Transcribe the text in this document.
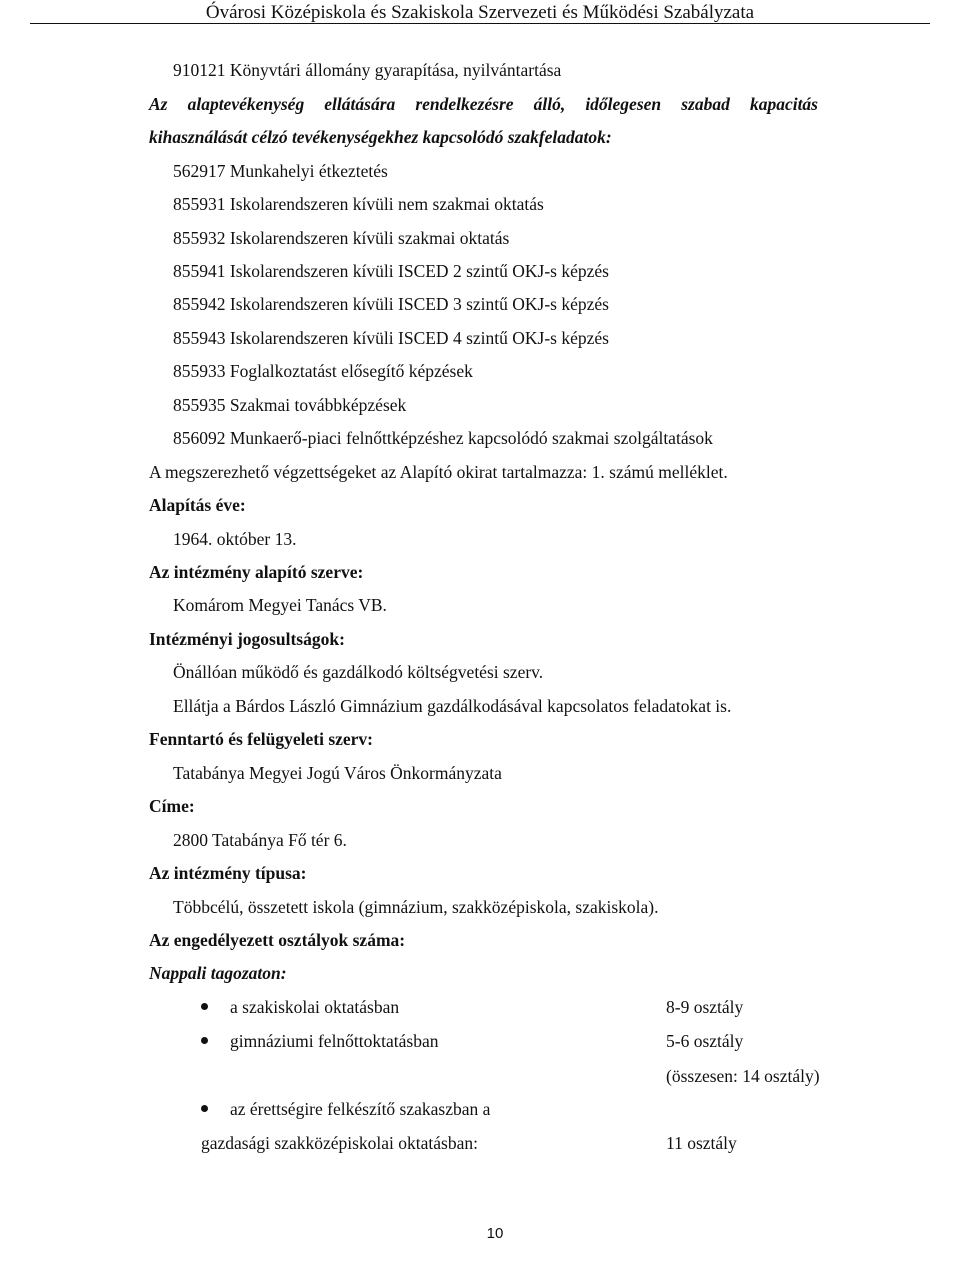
Óvárosi Középiskola és Szakiskola Szervezeti és Működési Szabályzata
910121 Könyvtári állomány gyarapítása, nyilvántartása
Az alaptevékenység ellátására rendelkezésre álló, időlegesen szabad kapacitás
kihasználását célzó tevékenységekhez kapcsolódó szakfeladatok:
562917 Munkahelyi étkeztetés
855931 Iskolarendszeren kívüli nem szakmai oktatás
855932 Iskolarendszeren kívüli szakmai oktatás
855941 Iskolarendszeren kívüli ISCED 2 szintű OKJ-s képzés
855942 Iskolarendszeren kívüli ISCED 3 szintű OKJ-s képzés
855943 Iskolarendszeren kívüli ISCED 4 szintű OKJ-s képzés
855933 Foglalkoztatást elősegítő képzések
855935 Szakmai továbbképzések
856092 Munkaerő-piaci felnőttképzéshez kapcsolódó szakmai szolgáltatások
A megszerezhető végzettségeket az Alapító okirat tartalmazza: 1. számú melléklet.
Alapítás éve:
1964. október 13.
Az intézmény alapító szerve:
Komárom Megyei Tanács VB.
Intézményi jogosultságok:
Önállóan működő és gazdálkodó költségvetési szerv.
Ellátja a Bárdos László Gimnázium gazdálkodásával kapcsolatos feladatokat is.
Fenntartó és felügyeleti szerv:
Tatabánya Megyei Jogú Város Önkormányzata
Címe:
2800 Tatabánya Fő tér 6.
Az intézmény típusa:
Többcélú, összetett iskola (gimnázium, szakközépiskola, szakiskola).
Az engedélyezett osztályok száma:
Nappali tagozaton:
a szakiskolai oktatásban	8-9 osztály
gimnáziumi felnőttoktatásban	5-6 osztály
(összesen: 14 osztály)
az érettségire felkészítő szakaszban a
gazdasági szakközépiskolai oktatásban:	11 osztály
10
